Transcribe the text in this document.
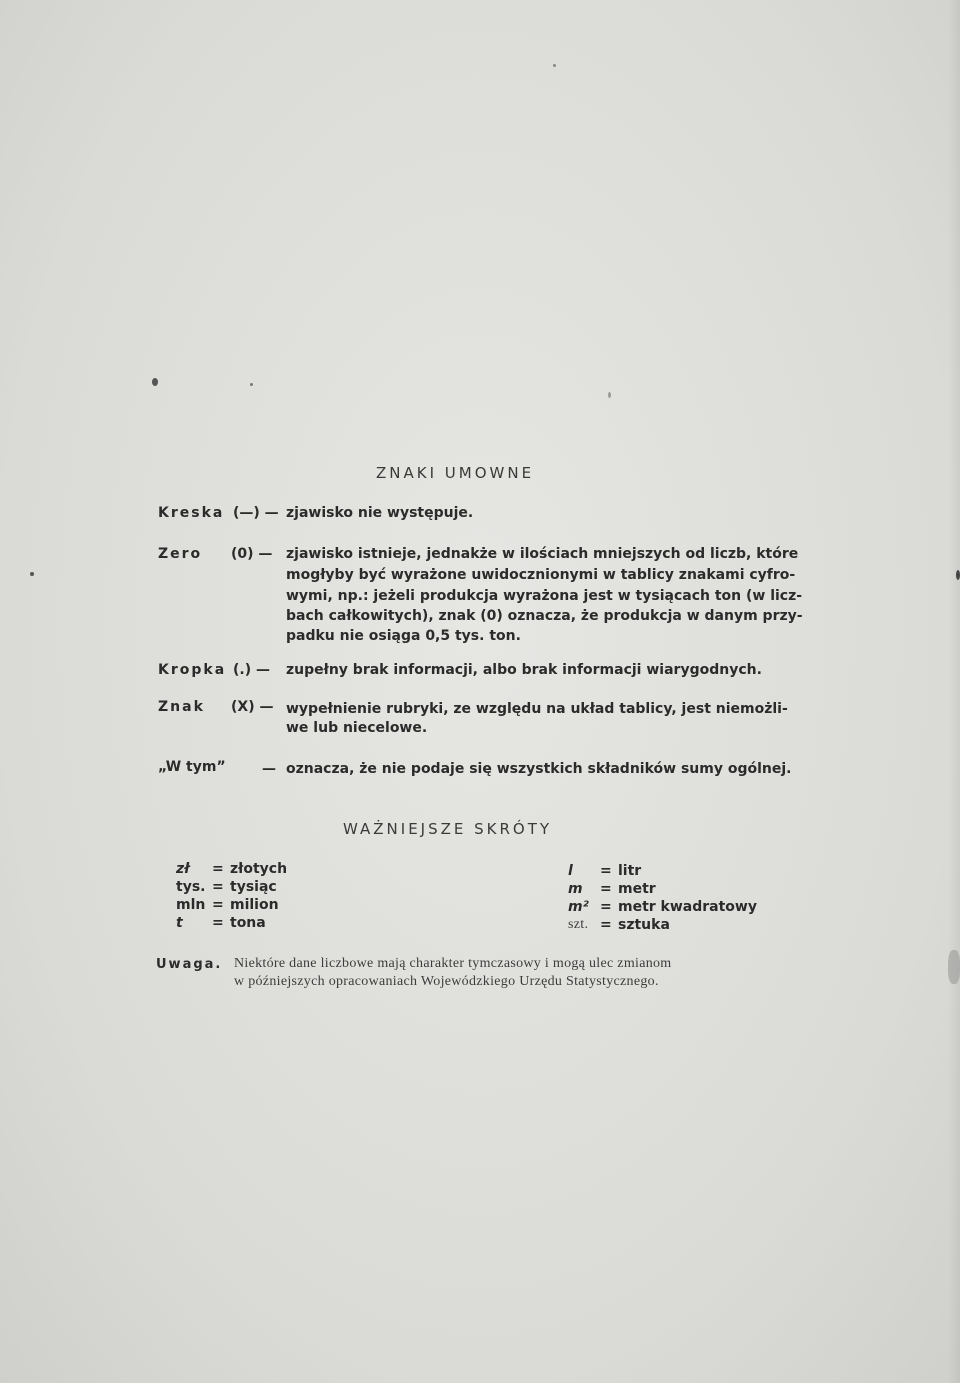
ZNAKI UMOWNE
Kreska (—) — zjawisko nie występuje.
Zero (0) — zjawisko istnieje, jednakże w ilościach mniejszych od liczb, które
mogłyby być wyrażone uwidocznionymi w tablicy znakami cyfro-
wymi, np.: jeżeli produkcja wyrażona jest w tysiącach ton (w licz-
bach całkowitych), znak (0) oznacza, że produkcja w danym przy-
padku nie osiąga 0,5 tys. ton.
Kropka (.) — zupełny brak informacji, albo brak informacji wiarygodnych.
Znak (X) — wypełnienie rubryki, ze względu na układ tablicy, jest niemożli-
we lub niecelowe.
„W tym”	— oznacza, że nie podaje się wszystkich składników sumy ogólnej.
WAŻNIEJSZE SKRÓTY
zł = złotych
tys. = tysiąc
mln = milion
t = tona
l = litr
m = metr
m² = metr kwadratowy
szt. = sztuka
Uwaga. Niektóre dane liczbowe mają charakter tymczasowy i mogą ulec zmianom
w późniejszych opracowaniach Wojewódzkiego Urzędu Statystycznego.
